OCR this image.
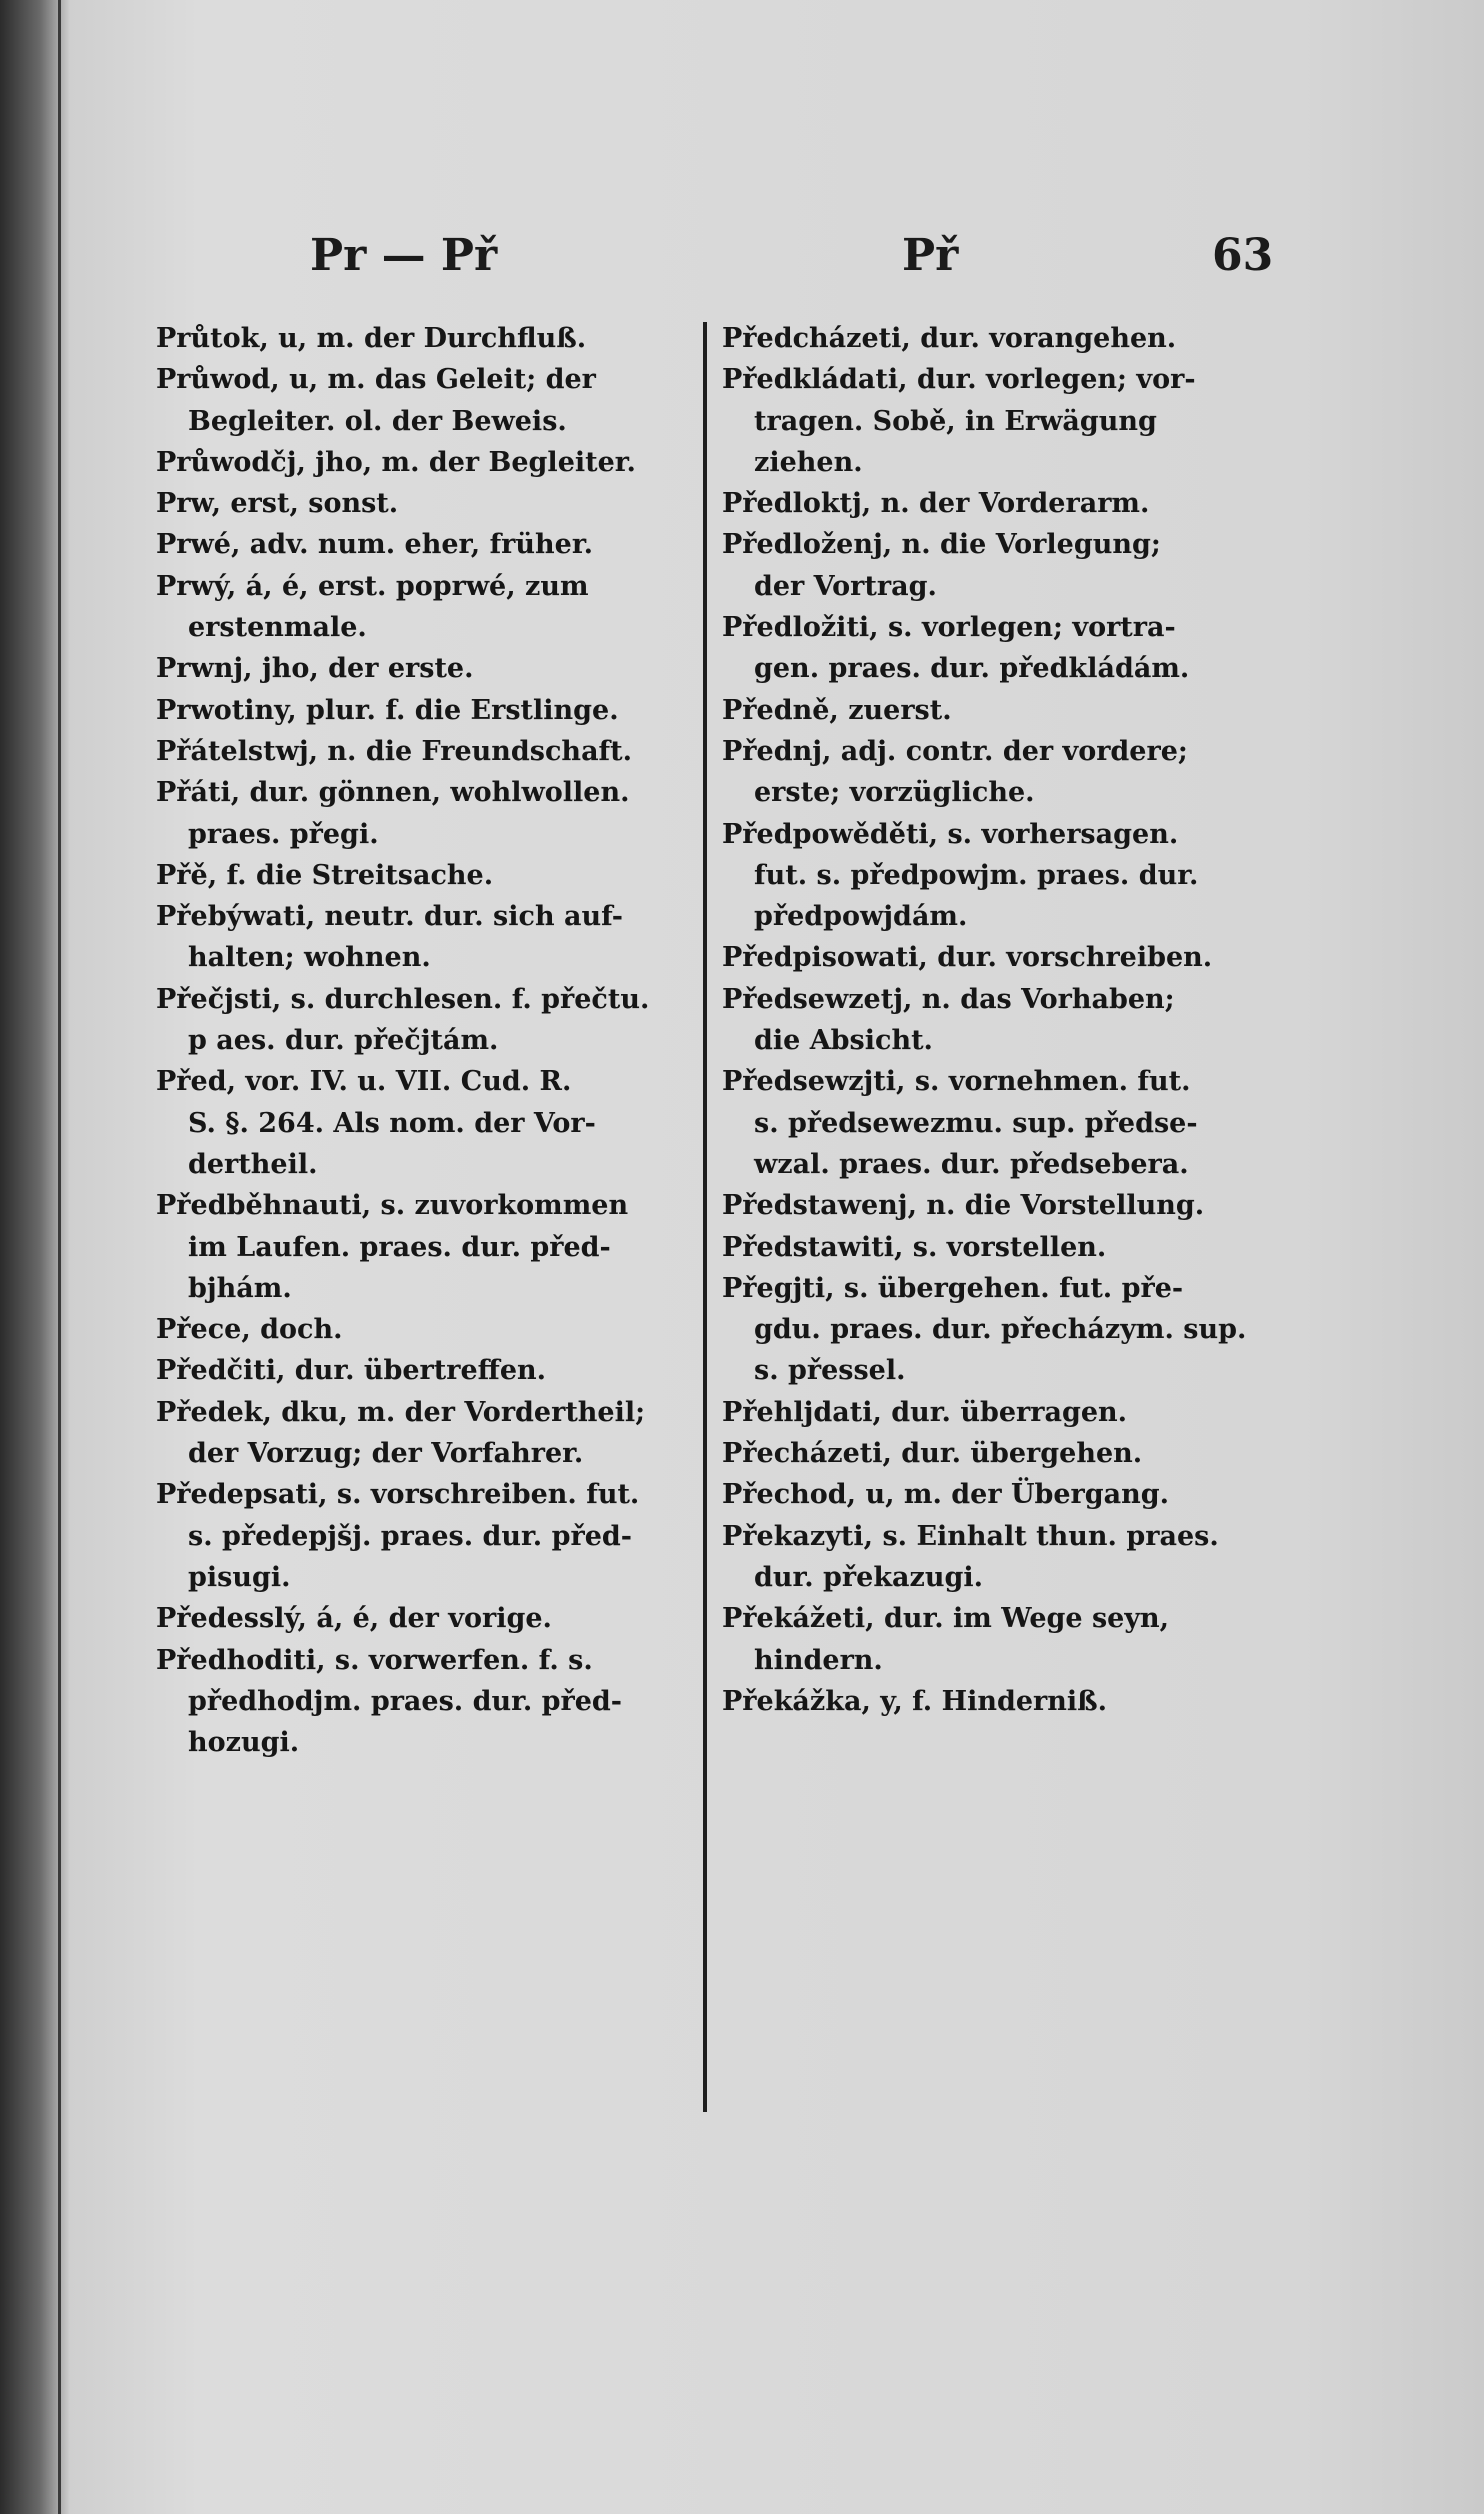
Pr — Př	Př	63
Průtok, u, m. der Durchfluß.
Průwod, u, m. das Geleit; der
Begleiter. ol. der Beweis.
Průwodčj, jho, m. der Begleiter.
Prw, erst, sonst.
Prwé, adv. num. eher, früher.
Prwý, á, é, erst. poprwé, zum
erstenmale.
Prwnj, jho, der erste.
Prwotiny, plur. f. die Erstlinge.
Přátelstwj, n. die Freundschaft.
Přáti, dur. gönnen, wohlwollen.
praes. přegi.
Přě, f. die Streitsache.
Přebýwati, neutr. dur. sich auf-
halten; wohnen.
Přečjsti, s. durchlesen. f. přečtu.
p aes. dur. přečjtám.
Před, vor. IV. u. VII. Cud. R.
S. §. 264. Als nom. der Vor-
dertheil.
Předběhnauti, s. zuvorkommen
im Laufen. praes. dur. před-
bjhám.
Přece, doch.
Předčiti, dur. übertreffen.
Předek, dku, m. der Vordertheil;
der Vorzug; der Vorfahrer.
Předepsati, s. vorschreiben. fut.
s. předepjšj. praes. dur. před-
pisugi.
Předesslý, á, é, der vorige.
Předhoditi, s. vorwerfen. f. s.
předhodjm. praes. dur. před-
hozugi.
Předcházeti, dur. vorangehen.
Předkládati, dur. vorlegen; vor-
tragen. Sobě, in Erwägung
ziehen.
Předloktj, n. der Vorderarm.
Předloženj, n. die Vorlegung;
der Vortrag.
Předložiti, s. vorlegen; vortra-
gen. praes. dur. předkládám.
Předně, zuerst.
Přednj, adj. contr. der vordere;
erste; vorzügliche.
Předpowěděti, s. vorhersagen.
fut. s. předpowjm. praes. dur.
předpowjdám.
Předpisowati, dur. vorschreiben.
Předsewzetj, n. das Vorhaben;
die Absicht.
Předsewzjti, s. vornehmen. fut.
s. předsewezmu. sup. předse-
wzal. praes. dur. předsebera.
Předstawenj, n. die Vorstellung.
Předstawiti, s. vorstellen.
Přegjti, s. übergehen. fut. pře-
gdu. praes. dur. přecházym. sup.
s. přessel.
Přehljdati, dur. überragen.
Přecházeti, dur. übergehen.
Přechod, u, m. der Übergang.
Překazyti, s. Einhalt thun. praes.
dur. překazugi.
Překážeti, dur. im Wege seyn,
hindern.
Překážka, y, f. Hinderniß.
